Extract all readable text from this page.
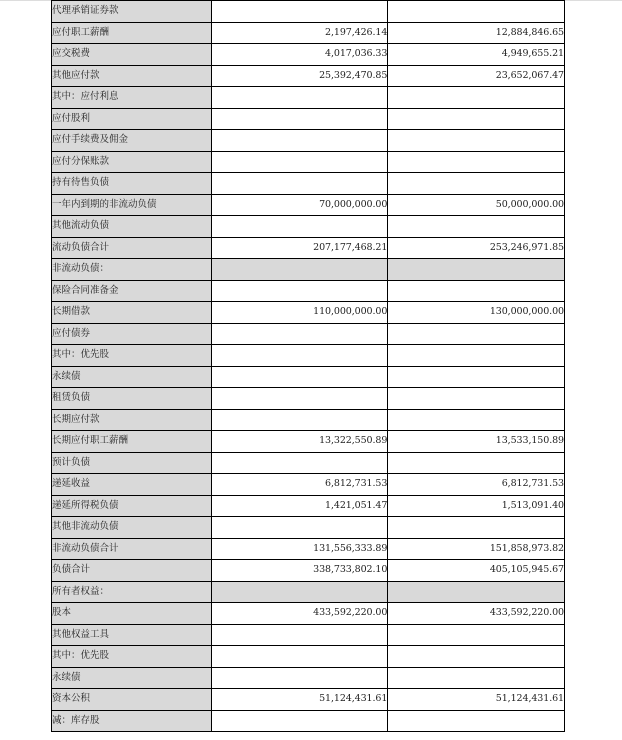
代理承销证券款		
应付职工薪酬	2,197,426.14	12,884,846.65
应交税费	4,017,036.33	4,949,655.21
其他应付款	25,392,470.85	23,652,067.47
其中：应付利息		
应付股利		
应付手续费及佣金		
应付分保账款		
持有待售负债		
一年内到期的非流动负债	70,000,000.00	50,000,000.00
其他流动负债		
流动负债合计	207,177,468.21	253,246,971.85
非流动负债：		
保险合同准备金		
长期借款	110,000,000.00	130,000,000.00
应付债券		
其中：优先股		
永续债		
租赁负债		
长期应付款		
长期应付职工薪酬	13,322,550.89	13,533,150.89
预计负债		
递延收益	6,812,731.53	6,812,731.53
递延所得税负债	1,421,051.47	1,513,091.40
其他非流动负债		
非流动负债合计	131,556,333.89	151,858,973.82
负债合计	338,733,802.10	405,105,945.67
所有者权益：		
股本	433,592,220.00	433,592,220.00
其他权益工具		
其中：优先股		
永续债		
资本公积	51,124,431.61	51,124,431.61
减：库存股		
